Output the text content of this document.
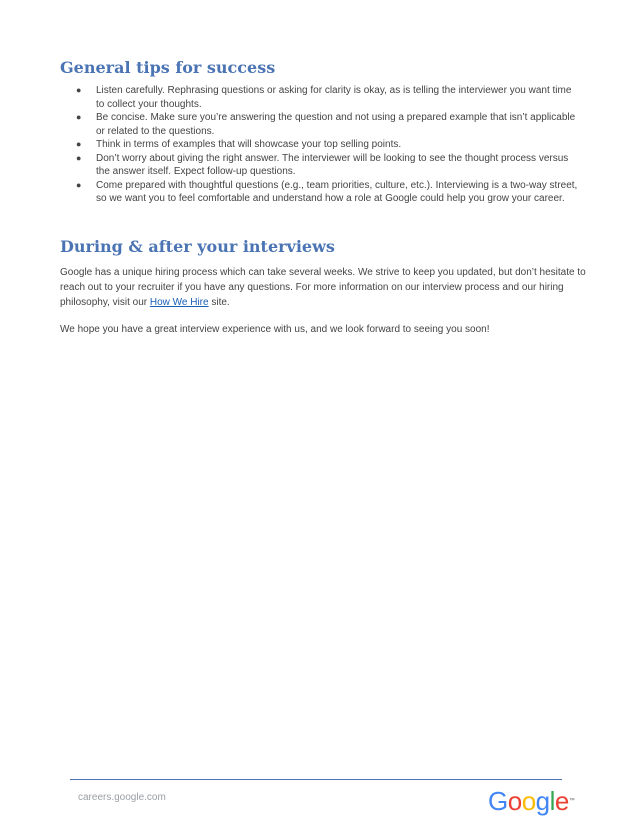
General tips for success
● Listen carefully. Rephrasing questions or asking for clarity is okay, as is telling the interviewer you want time to collect your thoughts.
● Be concise. Make sure you’re answering the question and not using a prepared example that isn’t applicable or related to the questions.
● Think in terms of examples that will showcase your top selling points.
● Don’t worry about giving the right answer. The interviewer will be looking to see the thought process versus the answer itself. Expect follow-up questions.
● Come prepared with thoughtful questions (e.g., team priorities, culture, etc.). Interviewing is a two-way street, so we want you to feel comfortable and understand how a role at Google could help you grow your career.
During & after your interviews

Google has a unique hiring process which can take several weeks. We strive to keep you updated, but don’t hesitate to reach out to your recruiter if you have any questions. For more information on our interview process and our hiring philosophy, visit our How We Hire site.

We hope you have a great interview experience with us, and we look forward to seeing you soon!

careers.google.com	Google™
